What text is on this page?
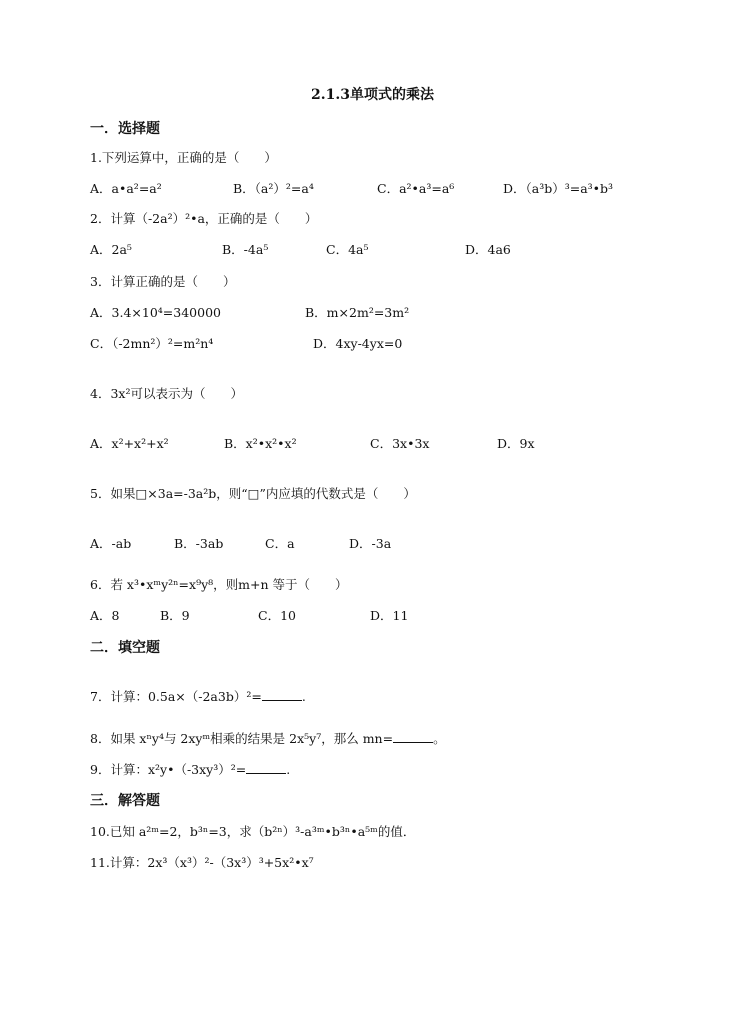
2.1.3单项式的乘法
一．选择题
1.下列运算中，正确的是（　　）
A．a•a²=a²	B．（a²）²=a⁴	C．a²•a³=a⁶	D．（a³b）³=a³•b³
2．计算（-2a²）²•a，正确的是（　　）
A．2a⁵	B．-4a⁵	C．4a⁵	D．4a6
3．计算正确的是（　　）
A．3.4×10⁴=340000	B．m×2m²=3m²
C．（-2mn²）²=m²n⁴	D．4xy-4yx=0
4．3x²可以表示为（　　）
A．x²+x²+x²	B．x²•x²•x²	C．3x•3x	D．9x
5．如果□×3a=-3a²b，则“□”内应填的代数式是（　　）
A．-ab	B．-3ab	C．a	D．-3a
6．若 x³•xᵐy²ⁿ=x⁹y⁸，则m+n 等于（　　）
A．8	B．9	C．10	D．11
二．填空题
7．计算：0.5a×（-2a3b）²=	.
8．如果 xⁿy⁴与 2xyᵐ相乘的结果是 2x⁵y⁷，那么 mn=	。
9．计算：x²y•（-3xy³）²=	.
三．解答题
10.已知 a²ᵐ=2，b³ⁿ=3，求（b²ⁿ）³-a³ᵐ•b³ⁿ•a⁵ᵐ的值．
11.计算：2x³（x³）²-（3x³）³+5x²•x⁷
